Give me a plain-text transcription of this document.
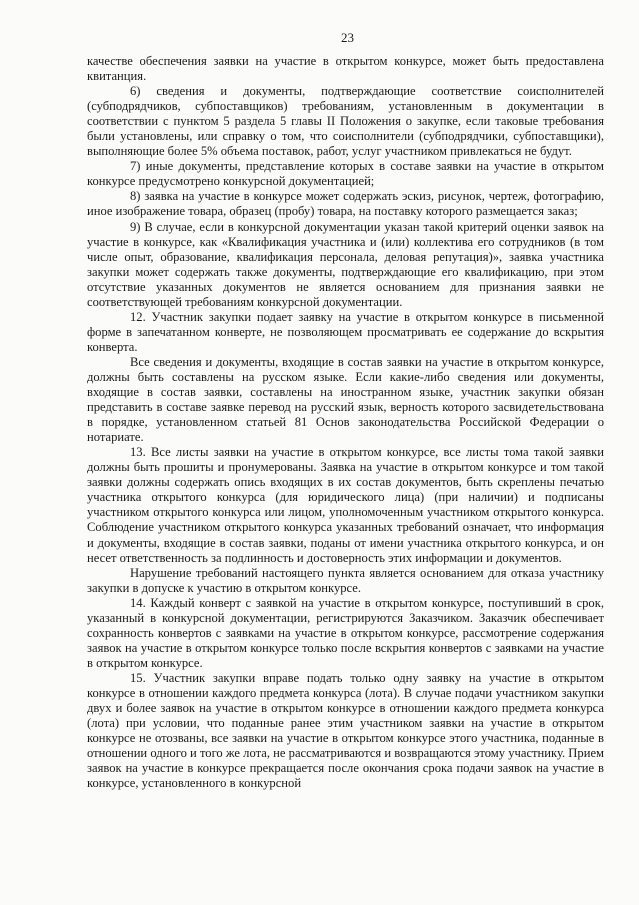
23

качестве обеспечения заявки на участие в открытом конкурсе, может быть предоставлена квитанция.

6) сведения и документы, подтверждающие соответствие соисполнителей (субподрядчиков, субпоставщиков) требованиям, установленным в документации в соответствии с пунктом 5 раздела 5 главы II Положения о закупке, если таковые требования были установлены, или справку о том, что соисполнители (субподрядчики, субпоставщики), выполняющие более 5% объема поставок, работ, услуг участником привлекаться не будут.

7) иные документы, представление которых в составе заявки на участие в открытом конкурсе предусмотрено конкурсной документацией;

8) заявка на участие в конкурсе может содержать эскиз, рисунок, чертеж, фотографию, иное изображение товара, образец (пробу) товара, на поставку которого размещается заказ;

9) В случае, если в конкурсной документации указан такой критерий оценки заявок на участие в конкурсе, как «Квалификация участника и (или) коллектива его сотрудников (в том числе опыт, образование, квалификация персонала, деловая репутация)», заявка участника закупки может содержать также документы, подтверждающие его квалификацию, при этом отсутствие указанных документов не является основанием для признания заявки не соответствующей требованиям конкурсной документации.

12. Участник закупки подает заявку на участие в открытом конкурсе в письменной форме в запечатанном конверте, не позволяющем просматривать ее содержание до вскрытия конверта.

Все сведения и документы, входящие в состав заявки на участие в открытом конкурсе, должны быть составлены на русском языке. Если какие-либо сведения или документы, входящие в состав заявки, составлены на иностранном языке, участник закупки обязан представить в составе заявке перевод на русский язык, верность которого засвидетельствована в порядке, установленном статьей 81 Основ законодательства Российской Федерации о нотариате.

13. Все листы заявки на участие в открытом конкурсе, все листы тома такой заявки должны быть прошиты и пронумерованы. Заявка на участие в открытом конкурсе и том такой заявки должны содержать опись входящих в их состав документов, быть скреплены печатью участника открытого конкурса (для юридического лица) (при наличии) и подписаны участником открытого конкурса или лицом, уполномоченным участником открытого конкурса. Соблюдение участником открытого конкурса указанных требований означает, что информация и документы, входящие в состав заявки, поданы от имени участника открытого конкурса, и он несет ответственность за подлинность и достоверность этих информации и документов.

Нарушение требований настоящего пункта является основанием для отказа участнику закупки в допуске к участию в открытом конкурсе.

14. Каждый конверт с заявкой на участие в открытом конкурсе, поступивший в срок, указанный в конкурсной документации, регистрируются Заказчиком. Заказчик обеспечивает сохранность конвертов с заявками на участие в открытом конкурсе, рассмотрение содержания заявок на участие в открытом конкурсе только после вскрытия конвертов с заявками на участие в открытом конкурсе.

15. Участник закупки вправе подать только одну заявку на участие в открытом конкурсе в отношении каждого предмета конкурса (лота). В случае подачи участником закупки двух и более заявок на участие в открытом конкурсе в отношении каждого предмета конкурса (лота) при условии, что поданные ранее этим участником заявки на участие в открытом конкурсе не отозваны, все заявки на участие в открытом конкурсе этого участника, поданные в отношении одного и того же лота, не рассматриваются и возвращаются этому участнику. Прием заявок на участие в конкурсе прекращается после окончания срока подачи заявок на участие в конкурсе, установленного в конкурсной
